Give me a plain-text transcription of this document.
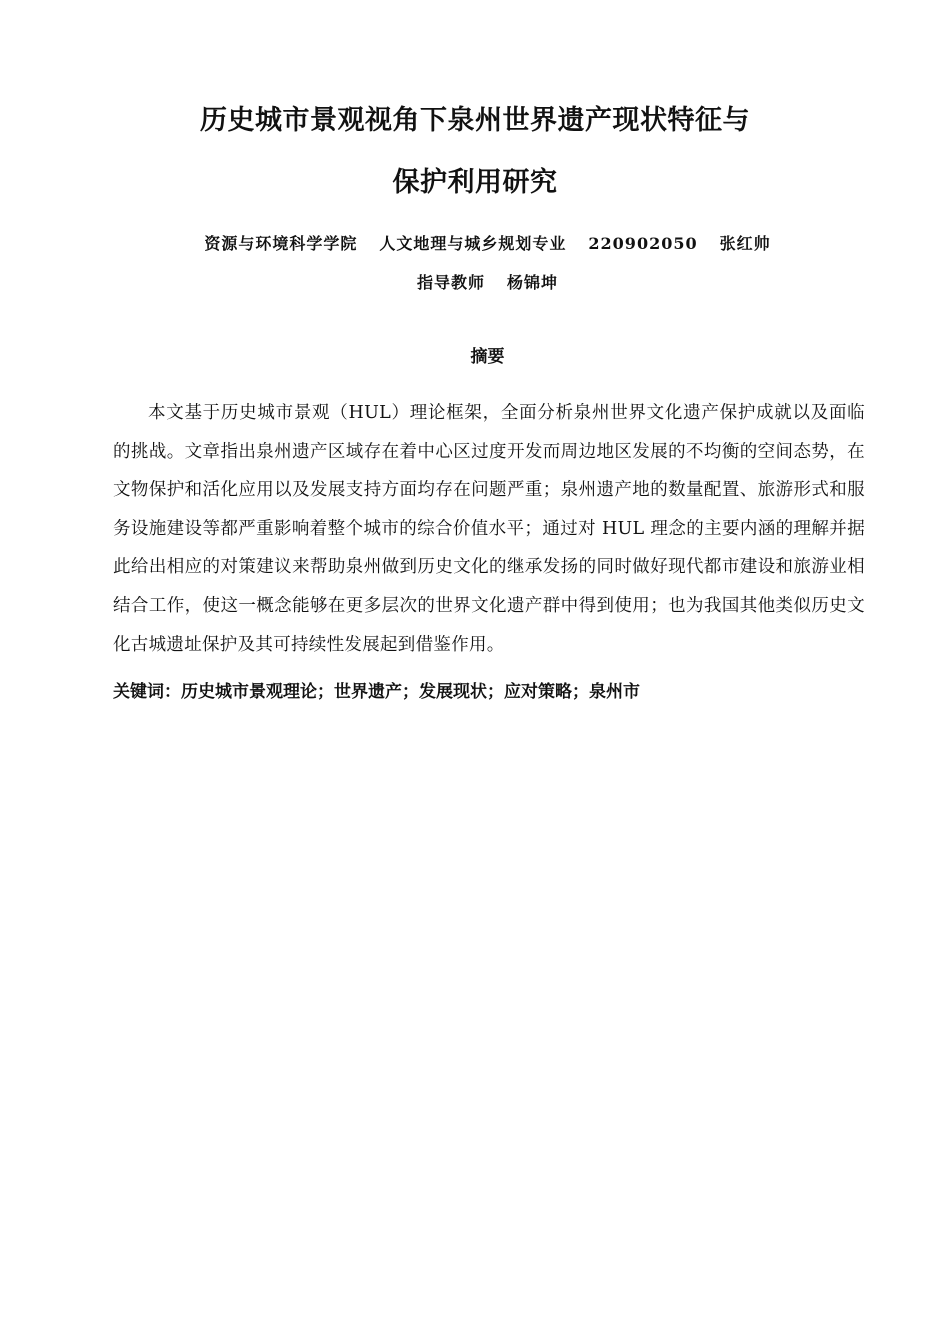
历史城市景观视角下泉州世界遗产现状特征与
保护利用研究
资源与环境科学学院 人文地理与城乡规划专业 220902050 张红帅
指导教师 杨锦坤
摘要

本文基于历史城市景观（HUL）理论框架，全面分析泉州世界文化遗产保护成就以及面临的挑战。文章指出泉州遗产区域存在着中心区过度开发而周边地区发展的不均衡的空间态势，在文物保护和活化应用以及发展支持方面均存在问题严重；泉州遗产地的数量配置、旅游形式和服务设施建设等都严重影响着整个城市的综合价值水平；通过对 HUL 理念的主要内涵的理解并据此给出相应的对策建议来帮助泉州做到历史文化的继承发扬的同时做好现代都市建设和旅游业相结合工作，使这一概念能够在更多层次的世界文化遗产群中得到使用；也为我国其他类似历史文化古城遗址保护及其可持续性发展起到借鉴作用。

关键词：历史城市景观理论；世界遗产；发展现状；应对策略；泉州市
